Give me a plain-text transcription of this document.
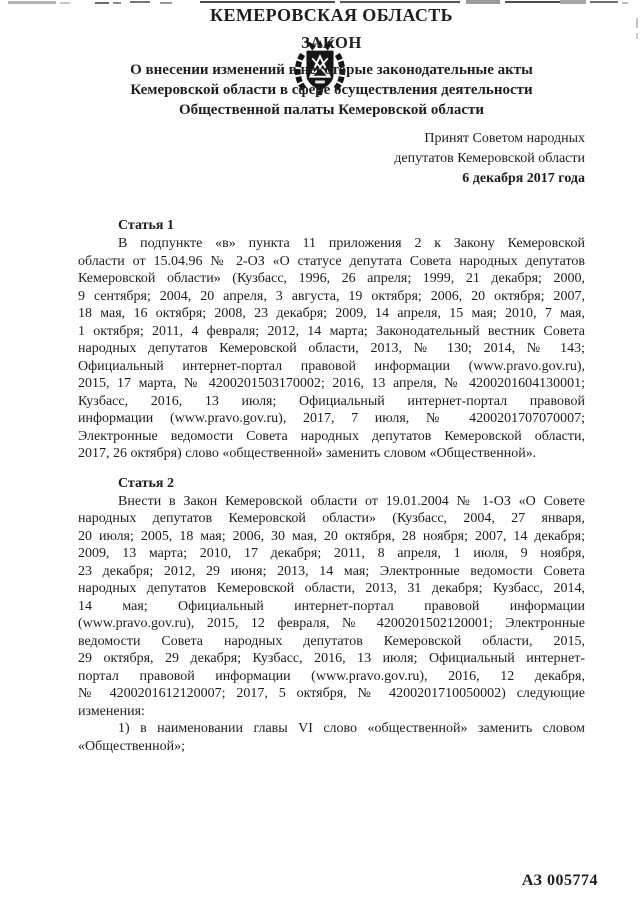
КЕМЕРОВСКАЯ ОБЛАСТЬ
ЗАКОН
О внесении изменений в некоторые законодательные акты
Кемеровской области в сфере осуществления деятельности
Общественной палаты Кемеровской области
Принят Советом народных
депутатов Кемеровской области
6 декабря 2017 года
Статья 1
В подпункте «в» пункта 11 приложения 2 к Закону Кемеровской
области от 15.04.96 № 2-ОЗ «О статусе депутата Совета народных депутатов
Кемеровской области» (Кузбасс, 1996, 26 апреля; 1999, 21 декабря; 2000,
9 сентября; 2004, 20 апреля, 3 августа, 19 октября; 2006, 20 октября; 2007,
18 мая, 16 октября; 2008, 23 декабря; 2009, 14 апреля, 15 мая; 2010, 7 мая,
1 октября; 2011, 4 февраля; 2012, 14 марта; Законодательный вестник Совета
народных депутатов Кемеровской области, 2013, № 130; 2014, № 143;
Официальный интернет-портал правовой информации (www.pravo.gov.ru),
2015, 17 марта, № 4200201503170002; 2016, 13 апреля, № 4200201604130001;
Кузбасс, 2016, 13 июля; Официальный интернет-портал правовой
информации (www.pravo.gov.ru), 2017, 7 июля, № 4200201707070007;
Электронные ведомости Совета народных депутатов Кемеровской области,
2017, 26 октября) слово «общественной» заменить словом «Общественной».
Статья 2
Внести в Закон Кемеровской области от 19.01.2004 № 1-ОЗ «О Совете
народных депутатов Кемеровской области» (Кузбасс, 2004, 27 января,
20 июля; 2005, 18 мая; 2006, 30 мая, 20 октября, 28 ноября; 2007, 14 декабря;
2009, 13 марта; 2010, 17 декабря; 2011, 8 апреля, 1 июля, 9 ноября,
23 декабря; 2012, 29 июня; 2013, 14 мая; Электронные ведомости Совета
народных депутатов Кемеровской области, 2013, 31 декабря; Кузбасс, 2014,
14 мая; Официальный интернет-портал правовой информации
(www.pravo.gov.ru), 2015, 12 февраля, № 4200201502120001; Электронные
ведомости Совета народных депутатов Кемеровской области, 2015,
29 октября, 29 декабря; Кузбасс, 2016, 13 июля; Официальный интернет-
портал правовой информации (www.pravo.gov.ru), 2016, 12 декабря,
№ 4200201612120007; 2017, 5 октября, № 4200201710050002) следующие
изменения:
1) в наименовании главы VI слово «общественной» заменить словом
«Общественной»;
АЗ 005774
